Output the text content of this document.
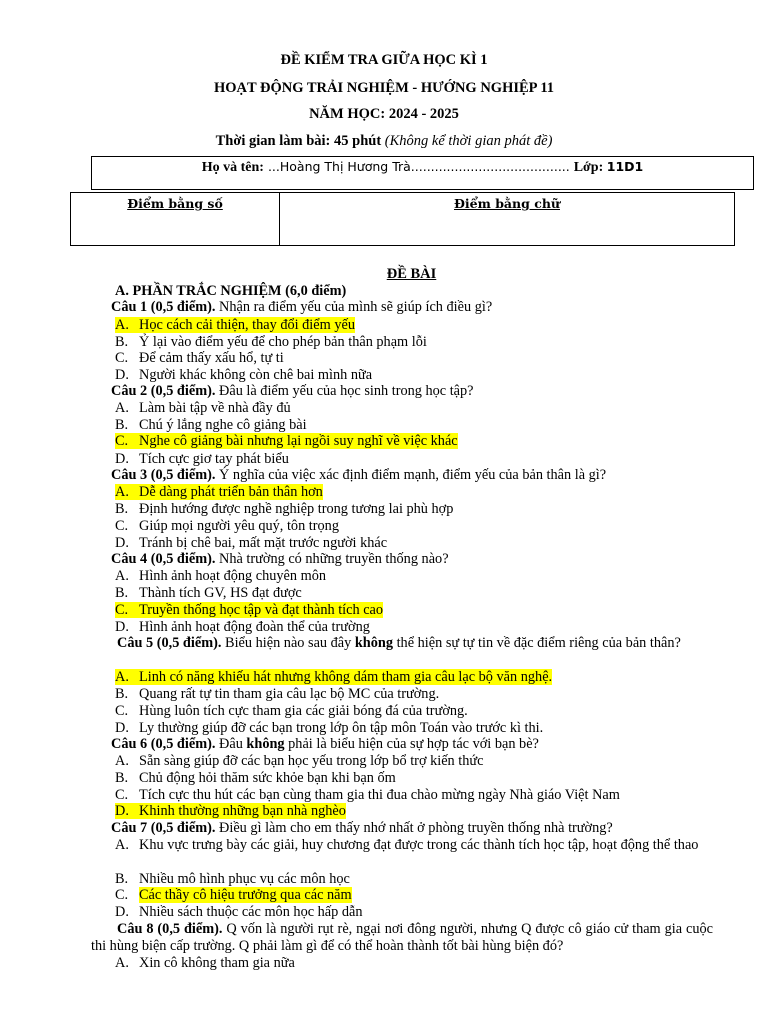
ĐỀ KIỂM TRA GIỮA HỌC KÌ 1
HOẠT ĐỘNG TRẢI NGHIỆM - HƯỚNG NGHIỆP 11
NĂM HỌC: 2024 - 2025
Thời gian làm bài: 45 phút (Không kể thời gian phát đề)
Họ và tên: ...Hoàng Thị Hương Trà........................................ Lớp: 11D1
Điểm bằng số	Điểm bằng chữ
ĐỀ BÀI
A. PHẦN TRẮC NGHIỆM (6,0 điểm)
Câu 1 (0,5 điểm). Nhận ra điểm yếu của mình sẽ giúp ích điều gì?
A. Học cách cải thiện, thay đổi điểm yếu
B. Ỷ lại vào điểm yếu để cho phép bản thân phạm lỗi
C. Để cảm thấy xấu hổ, tự ti
D. Người khác không còn chê bai mình nữa
Câu 2 (0,5 điểm). Đâu là điểm yếu của học sinh trong học tập?
A. Làm bài tập về nhà đầy đủ
B. Chú ý lắng nghe cô giảng bài
C. Nghe cô giảng bài nhưng lại ngồi suy nghĩ về việc khác
D. Tích cực giơ tay phát biểu
Câu 3 (0,5 điểm). Ý nghĩa của việc xác định điểm mạnh, điểm yếu của bản thân là gì?
A. Dễ dàng phát triển bản thân hơn
B. Định hướng được nghề nghiệp trong tương lai phù hợp
C. Giúp mọi người yêu quý, tôn trọng
D. Tránh bị chê bai, mất mặt trước người khác
Câu 4 (0,5 điểm). Nhà trường có những truyền thống nào?
A. Hình ảnh hoạt động chuyên môn
B. Thành tích GV, HS đạt được
C. Truyền thống học tập và đạt thành tích cao
D. Hình ảnh hoạt động đoàn thể của trường
Câu 5 (0,5 điểm). Biểu hiện nào sau đây không thể hiện sự tự tin về đặc điểm riêng của bản thân?
A. Linh có năng khiếu hát nhưng không dám tham gia câu lạc bộ văn nghệ.
B. Quang rất tự tin tham gia câu lạc bộ MC của trường.
C. Hùng luôn tích cực tham gia các giải bóng đá của trường.
D. Ly thường giúp đỡ các bạn trong lớp ôn tập môn Toán vào trước kì thi.
Câu 6 (0,5 điểm). Đâu không phải là biểu hiện của sự hợp tác với bạn bè?
A. Sẵn sàng giúp đỡ các bạn học yếu trong lớp bổ trợ kiến thức
B. Chủ động hỏi thăm sức khỏe bạn khi bạn ốm
C. Tích cực thu hút các bạn cùng tham gia thi đua chào mừng ngày Nhà giáo Việt Nam
D. Khinh thường những bạn nhà nghèo
Câu 7 (0,5 điểm). Điều gì làm cho em thấy nhớ nhất ở phòng truyền thống nhà trường?
A. Khu vực trưng bày các giải, huy chương đạt được trong các thành tích học tập, hoạt động thể thao
B. Nhiều mô hình phục vụ các môn học
C. Các thầy cô hiệu trưởng qua các năm
D. Nhiều sách thuộc các môn học hấp dẫn
Câu 8 (0,5 điểm). Q vốn là người rụt rè, ngại nơi đông người, nhưng Q được cô giáo cử tham gia cuộc thi hùng biện cấp trường. Q phải làm gì để có thể hoàn thành tốt bài hùng biện đó?
A. Xin cô không tham gia nữa
